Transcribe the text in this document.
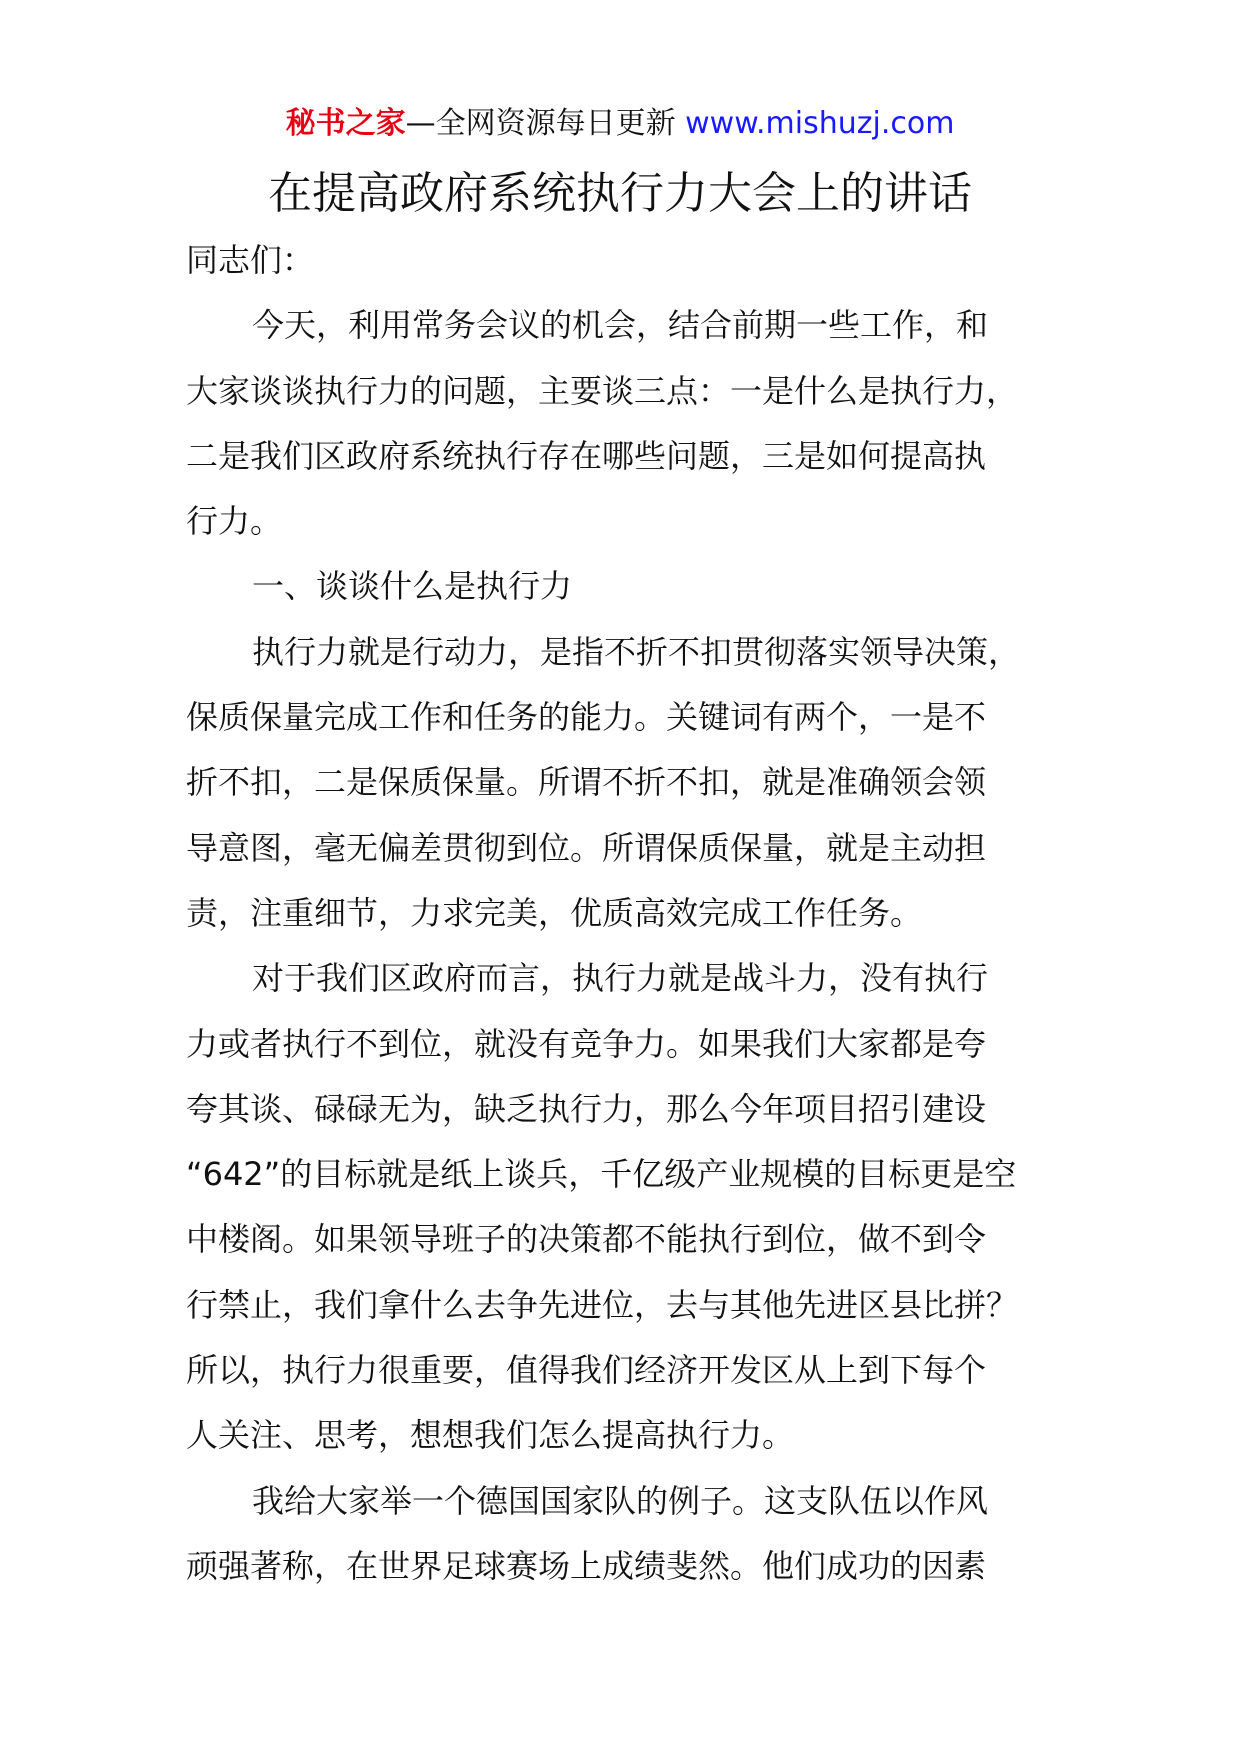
秘书之家—全网资源每日更新 www.mishuzj.com
在提高政府系统执行力大会上的讲话
同志们：
今天，利用常务会议的机会，结合前期一些工作，和
大家谈谈执行力的问题，主要谈三点：一是什么是执行力，
二是我们区政府系统执行存在哪些问题，三是如何提高执
行力。
一、谈谈什么是执行力
执行力就是行动力，是指不折不扣贯彻落实领导决策，
保质保量完成工作和任务的能力。关键词有两个，一是不
折不扣，二是保质保量。所谓不折不扣，就是准确领会领
导意图，毫无偏差贯彻到位。所谓保质保量，就是主动担
责，注重细节，力求完美，优质高效完成工作任务。
对于我们区政府而言，执行力就是战斗力，没有执行
力或者执行不到位，就没有竞争力。如果我们大家都是夸
夸其谈、碌碌无为，缺乏执行力，那么今年项目招引建设
“642”的目标就是纸上谈兵，千亿级产业规模的目标更是空
中楼阁。如果领导班子的决策都不能执行到位，做不到令
行禁止，我们拿什么去争先进位，去与其他先进区县比拼？
所以，执行力很重要，值得我们经济开发区从上到下每个
人关注、思考，想想我们怎么提高执行力。
我给大家举一个德国国家队的例子。这支队伍以作风
顽强著称，在世界足球赛场上成绩斐然。他们成功的因素
